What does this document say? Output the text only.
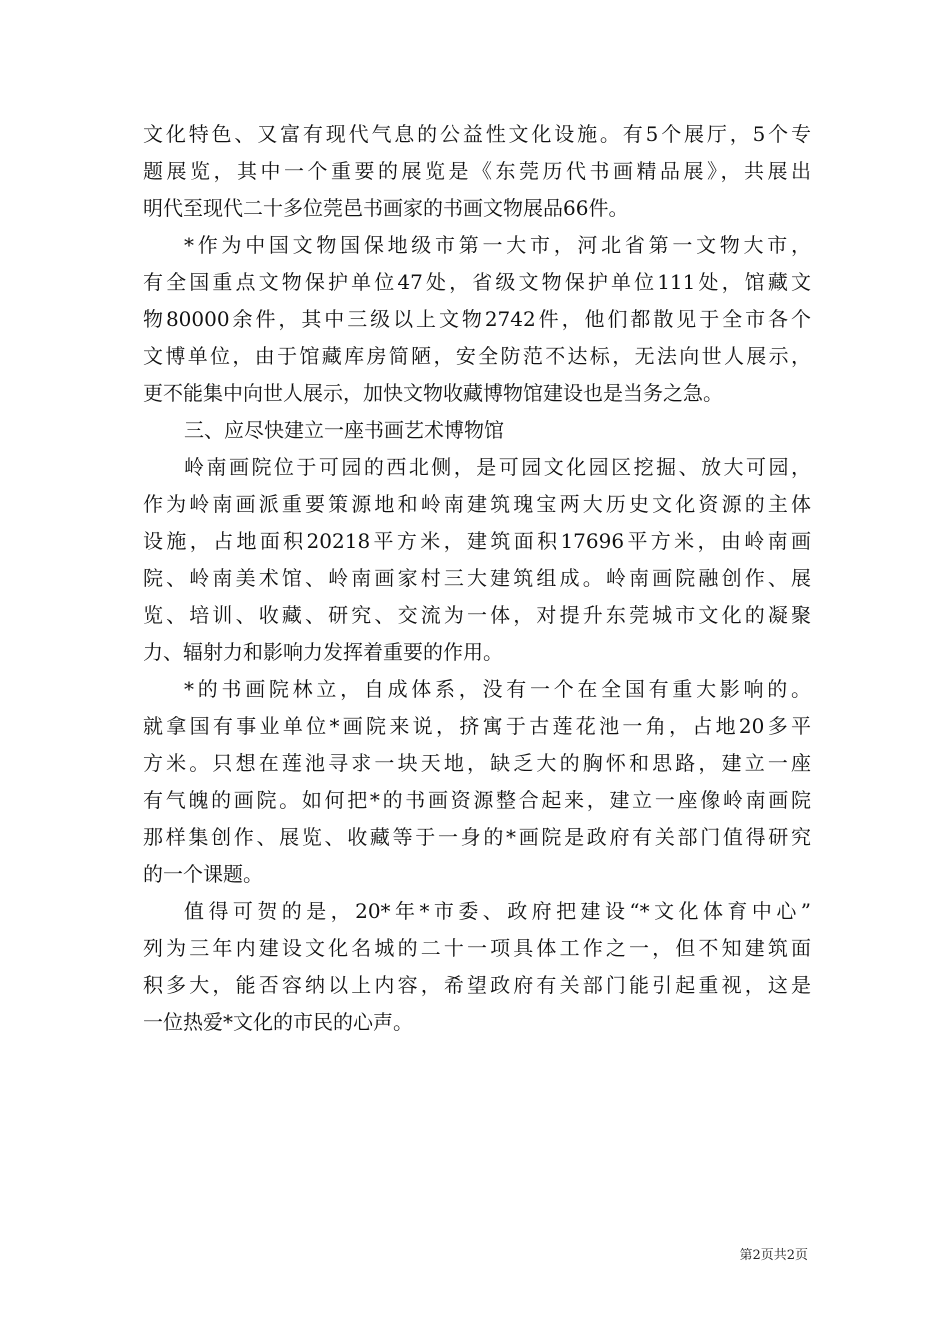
文化特色、又富有现代气息的公益性文化设施。有5个展厅，5个专
题展览，其中一个重要的展览是《东莞历代书画精品展》，共展出
明代至现代二十多位莞邑书画家的书画文物展品66件。
*作为中国文物国保地级市第一大市，河北省第一文物大市，
有全国重点文物保护单位47处，省级文物保护单位111处，馆藏文
物80000余件，其中三级以上文物2742件，他们都散见于全市各个
文博单位，由于馆藏库房简陋，安全防范不达标，无法向世人展示，
更不能集中向世人展示，加快文物收藏博物馆建设也是当务之急。
三、应尽快建立一座书画艺术博物馆
岭南画院位于可园的西北侧，是可园文化园区挖掘、放大可园，
作为岭南画派重要策源地和岭南建筑瑰宝两大历史文化资源的主体
设施，占地面积20218平方米，建筑面积17696平方米，由岭南画
院、岭南美术馆、岭南画家村三大建筑组成。岭南画院融创作、展
览、培训、收藏、研究、交流为一体，对提升东莞城市文化的凝聚
力、辐射力和影响力发挥着重要的作用。
*的书画院林立，自成体系，没有一个在全国有重大影响的。
就拿国有事业单位*画院来说，挤寓于古莲花池一角，占地20多平
方米。只想在莲池寻求一块天地，缺乏大的胸怀和思路，建立一座
有气魄的画院。如何把*的书画资源整合起来，建立一座像岭南画院
那样集创作、展览、收藏等于一身的*画院是政府有关部门值得研究
的一个课题。
值得可贺的是，20*年*市委、政府把建设“*文化体育中心”
列为三年内建设文化名城的二十一项具体工作之一，但不知建筑面
积多大，能否容纳以上内容，希望政府有关部门能引起重视，这是
一位热爱*文化的市民的心声。
第2页共2页
